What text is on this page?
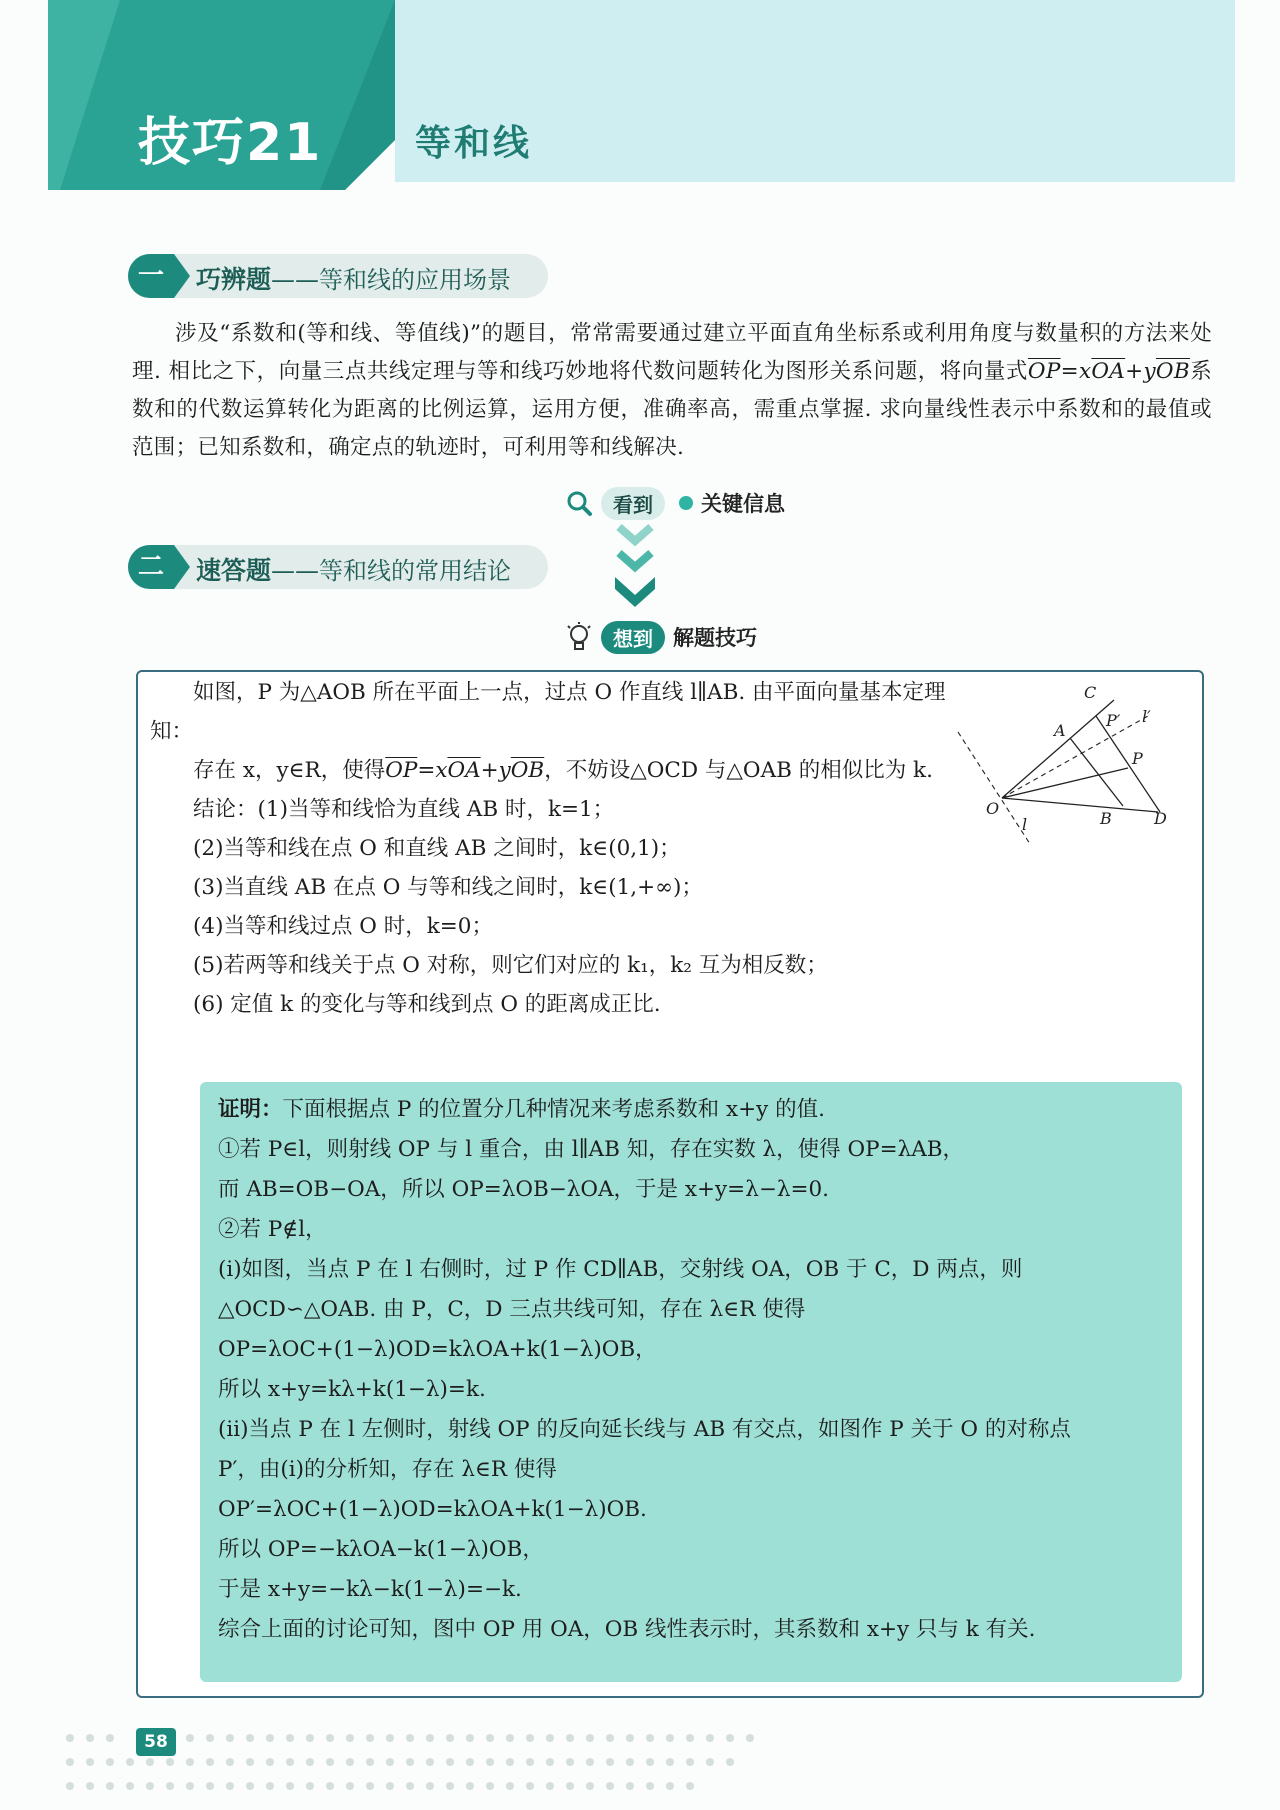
技巧21	等和线
一	巧辨题——等和线的应用场景
涉及“系数和(等和线、等值线)”的题目，常常需要通过建立平面直角坐标系或利用角度与数量积的方法来处理. 相比之下，向量三点共线定理与等和线巧妙地将代数问题转化为图形关系问题，将向量式$\overline{OP}=x\overline{OA}+y\overline{OB}$系数和的代数运算转化为距离的比例运算，运用方便，准确率高，需重点掌握. 求向量线性表示中系数和的最值或范围；已知系数和，确定点的轨迹时，可利用等和线解决.
看到	关键信息
二	速答题——等和线的常用结论
想到 解题技巧

如图，P 为△AOB 所在平面上一点，过点 O 作直线 l∥AB. 由平面向量基本定理知：

存在 x，y∈R，使得$\overline{OP}=x\overline{OA}+y\overline{OB}$，不妨设△OCD 与△OAB 的相似比为 k.

结论：(1)当等和线恰为直线 AB 时，k=1；

(2)当等和线在点 O 和直线 AB 之间时，k∈(0,1)；

(3)当直线 AB 在点 O 与等和线之间时，k∈(1,+∞)；

(4)当等和线过点 O 时，k=0；

(5)若两等和线关于点 O 对称，则它们对应的 k₁，k₂ 互为相反数；

(6) 定值 k 的变化与等和线到点 O 的距离成正比.

C
A
P′ l′
P
O
l	B	D

证明：下面根据点 P 的位置分几种情况来考虑系数和 x+y 的值.

①若 P∈l，则射线 OP 与 l 重合，由 l∥AB 知，存在实数 λ，使得 OP=λAB，

而 AB=OB−OA，所以 OP=λOB−λOA，于是 x+y=λ−λ=0.

②若 P∉l，

(i)如图，当点 P 在 l 右侧时，过 P 作 CD∥AB，交射线 OA，OB 于 C，D 两点，则

△OCD∽△OAB. 由 P，C，D 三点共线可知，存在 λ∈R 使得

OP=λOC+(1−λ)OD=kλOA+k(1−λ)OB，

所以 x+y=kλ+k(1−λ)=k.

(ii)当点 P 在 l 左侧时，射线 OP 的反向延长线与 AB 有交点，如图作 P 关于 O 的对称点

P′，由(i)的分析知，存在 λ∈R 使得

OP′=λOC+(1−λ)OD=kλOA+k(1−λ)OB.

所以 OP=−kλOA−k(1−λ)OB，

于是 x+y=−kλ−k(1−λ)=−k.

综合上面的讨论可知，图中 OP 用 OA，OB 线性表示时，其系数和 x+y 只与 k 有关.

58
